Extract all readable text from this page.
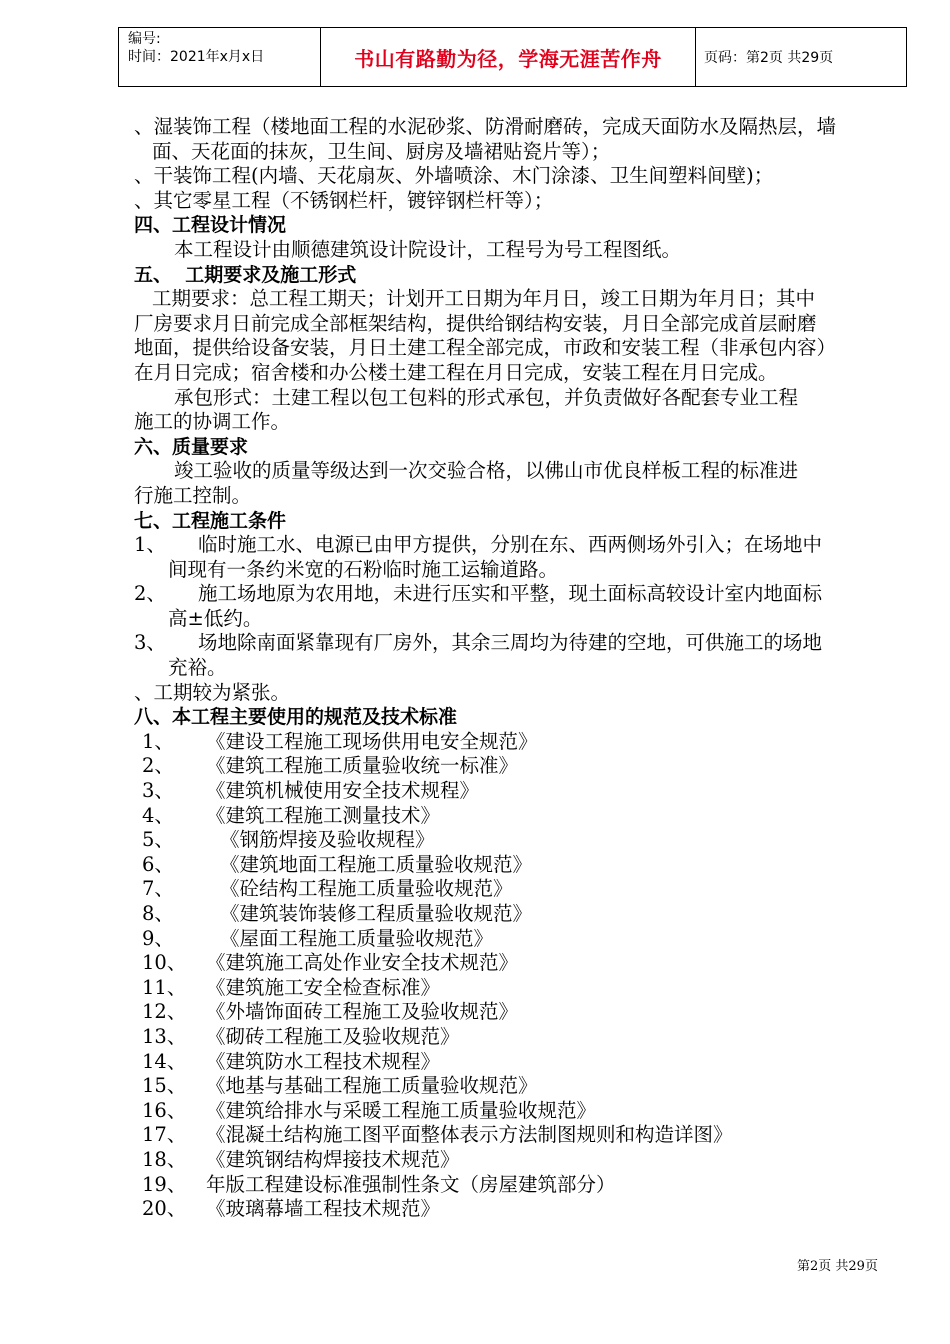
编号:
时间：2021年x月x日	书山有路勤为径，学海无涯苦作舟	页码：第2页 共29页
、湿装饰工程（楼地面工程的水泥砂浆、防滑耐磨砖，完成天面防水及隔热层，墙
面、天花面的抹灰，卫生间、厨房及墙裙贴瓷片等）；
、干装饰工程(内墙、天花扇灰、外墙喷涂、木门涂漆、卫生间塑料间壁)；
、其它零星工程（不锈钢栏杆，镀锌钢栏杆等）；
四、工程设计情况
本工程设计由顺德建筑设计院设计，工程号为号工程图纸。
五、  工期要求及施工形式
工期要求：总工程工期天；计划开工日期为年月日，竣工日期为年月日；其中
厂房要求月日前完成全部框架结构，提供给钢结构安装，月日全部完成首层耐磨
地面，提供给设备安装，月日土建工程全部完成，市政和安装工程（非承包内容）
在月日完成；宿舍楼和办公楼土建工程在月日完成，安装工程在月日完成。
承包形式：土建工程以包工包料的形式承包，并负责做好各配套专业工程
施工的协调工作。
六、质量要求
竣工验收的质量等级达到一次交验合格，以佛山市优良样板工程的标准进
行施工控制。
七、工程施工条件
1、	临时施工水、电源已由甲方提供，分别在东、西两侧场外引入；在场地中
间现有一条约米宽的石粉临时施工运输道路。
2、	施工场地原为农用地，未进行压实和平整，现土面标高较设计室内地面标
高±低约。
3、	场地除南面紧靠现有厂房外，其余三周均为待建的空地，可供施工的场地
充裕。
、工期较为紧张。
八、本工程主要使用的规范及技术标准
1、	《建设工程施工现场供用电安全规范》
2、	《建筑工程施工质量验收统一标准》
3、	《建筑机械使用安全技术规程》
4、	《建筑工程施工测量技术》
5、	《钢筋焊接及验收规程》
6、	《建筑地面工程施工质量验收规范》
7、	《砼结构工程施工质量验收规范》
8、	《建筑装饰装修工程质量验收规范》
9、	《屋面工程施工质量验收规范》
10、	《建筑施工高处作业安全技术规范》
11、	《建筑施工安全检查标准》
12、	《外墙饰面砖工程施工及验收规范》
13、	《砌砖工程施工及验收规范》
14、	《建筑防水工程技术规程》
15、	《地基与基础工程施工质量验收规范》
16、	《建筑给排水与采暖工程施工质量验收规范》
17、	《混凝土结构施工图平面整体表示方法制图规则和构造详图》
18、	《建筑钢结构焊接技术规范》
19、	年版工程建设标准强制性条文（房屋建筑部分）
20、	《玻璃幕墙工程技术规范》
第2页 共29页
